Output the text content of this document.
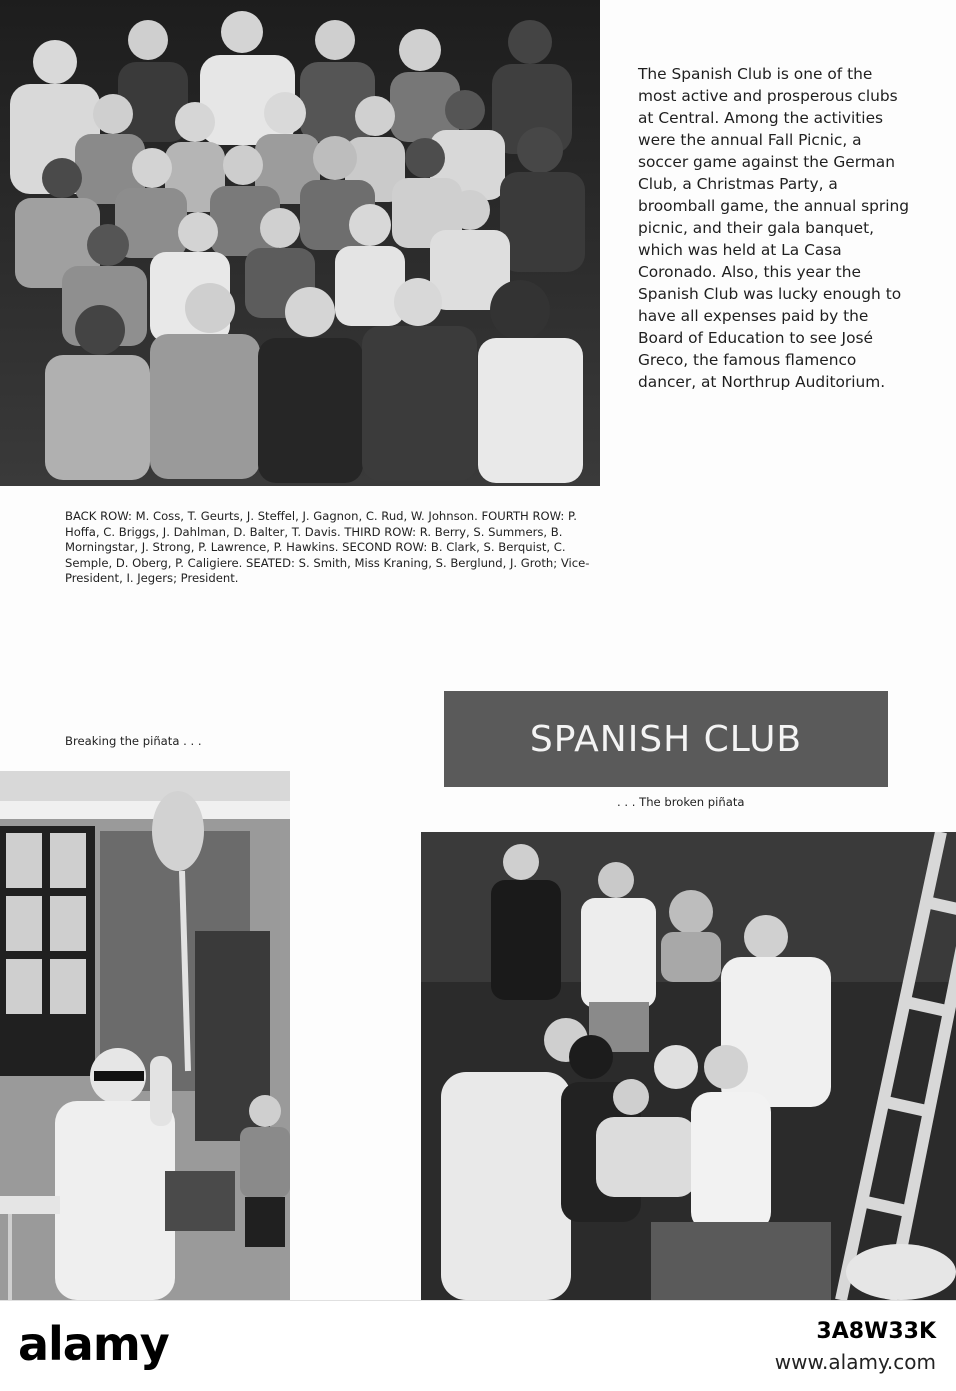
The Spanish Club is one of the most active and prosperous clubs at Central. Among the activities were the annual Fall Picnic, a soccer game against the German Club, a Christmas Party, a broomball game, the annual spring picnic, and their gala banquet, which was held at La Casa Coronado. Also, this year the Spanish Club was lucky enough to have all expenses paid by the Board of Education to see José Greco, the famous flamenco dancer, at Northrup Auditorium.
BACK ROW: M. Coss, T. Geurts, J. Steffel, J. Gagnon, C. Rud, W. Johnson. FOURTH ROW: P. Hoffa, C. Briggs, J. Dahlman, D. Balter, T. Davis. THIRD ROW: R. Berry, S. Summers, B. Morningstar, J. Strong, P. Lawrence, P. Hawkins. SECOND ROW: B. Clark, S. Berquist, C. Semple, D. Oberg, P. Caligiere. SEATED: S. Smith, Miss Kraning, S. Berglund, J. Groth; Vice-President, I. Jegers; President.
Breaking the piñata . . .
. . . The broken piñata
SPANISH CLUB
alamy	3A8W33K
www.alamy.com
